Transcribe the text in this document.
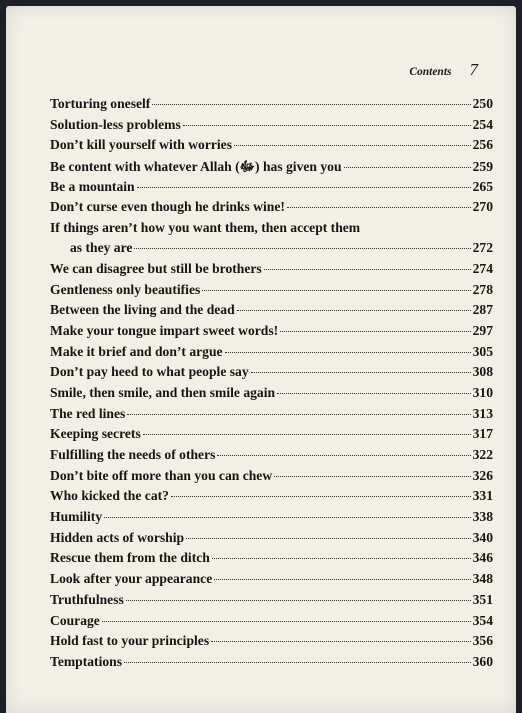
Contents 7
Torturing oneself	250
Solution-less problems	254
Don’t kill yourself with worries	256
Be content with whatever Allah (ﷻ) has given you	259
Be a mountain	265
Don’t curse even though he drinks wine!	270
If things aren’t how you want them, then accept them
as they are	272
We can disagree but still be brothers	274
Gentleness only beautifies	278
Between the living and the dead	287
Make your tongue impart sweet words!	297
Make it brief and don’t argue	305
Don’t pay heed to what people say	308
Smile, then smile, and then smile again	310
The red lines	313
Keeping secrets	317
Fulfilling the needs of others	322
Don’t bite off more than you can chew	326
Who kicked the cat?	331
Humility	338
Hidden acts of worship	340
Rescue them from the ditch	346
Look after your appearance	348
Truthfulness	351
Courage	354
Hold fast to your principles	356
Temptations	360
